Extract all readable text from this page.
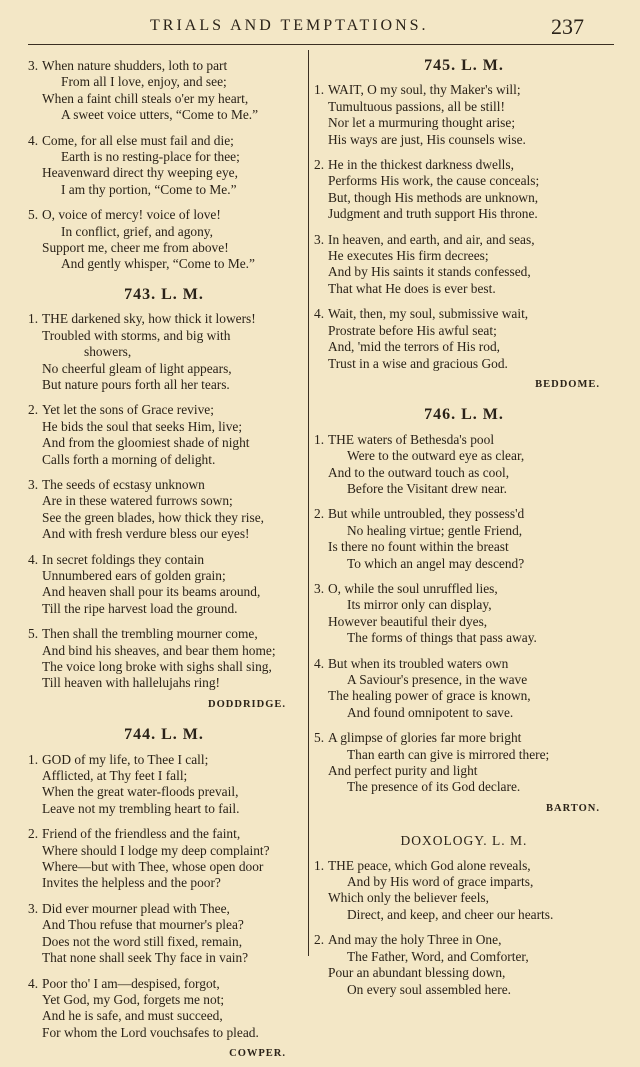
TRIALS AND TEMPTATIONS.	237
3. When nature shudders, loth to part
From all I love, enjoy, and see;
When a faint chill steals o'er my heart,
A sweet voice utters, “Come to Me.”
4. Come, for all else must fail and die;
Earth is no resting-place for thee;
Heavenward direct thy weeping eye,
I am thy portion, “Come to Me.”
5. O, voice of mercy! voice of love!
In conflict, grief, and agony,
Support me, cheer me from above!
And gently whisper, “Come to Me.”
743. L. M.
1. THE darkened sky, how thick it lowers!
Troubled with storms, and big with
showers,
No cheerful gleam of light appears,
But nature pours forth all her tears.
2. Yet let the sons of Grace revive;
He bids the soul that seeks Him, live;
And from the gloomiest shade of night
Calls forth a morning of delight.
3. The seeds of ecstasy unknown
Are in these watered furrows sown;
See the green blades, how thick they rise,
And with fresh verdure bless our eyes!
4. In secret foldings they contain
Unnumbered ears of golden grain;
And heaven shall pour its beams around,
Till the ripe harvest load the ground.
5. Then shall the trembling mourner come,
And bind his sheaves, and bear them home;
The voice long broke with sighs shall sing,
Till heaven with hallelujahs ring!
DODDRIDGE.
744. L. M.
1. GOD of my life, to Thee I call;
Afflicted, at Thy feet I fall;
When the great water-floods prevail,
Leave not my trembling heart to fail.
2. Friend of the friendless and the faint,
Where should I lodge my deep complaint?
Where—but with Thee, whose open door
Invites the helpless and the poor?
3. Did ever mourner plead with Thee,
And Thou refuse that mourner's plea?
Does not the word still fixed, remain,
That none shall seek Thy face in vain?
4. Poor tho' I am—despised, forgot,
Yet God, my God, forgets me not;
And he is safe, and must succeed,
For whom the Lord vouchsafes to plead.
COWPER.
745. L. M.
1. WAIT, O my soul, thy Maker's will;
Tumultuous passions, all be still!
Nor let a murmuring thought arise;
His ways are just, His counsels wise.
2. He in the thickest darkness dwells,
Performs His work, the cause conceals;
But, though His methods are unknown,
Judgment and truth support His throne.
3. In heaven, and earth, and air, and seas,
He executes His firm decrees;
And by His saints it stands confessed,
That what He does is ever best.
4. Wait, then, my soul, submissive wait,
Prostrate before His awful seat;
And, 'mid the terrors of His rod,
Trust in a wise and gracious God.
BEDDOME.
746. L. M.
1. THE waters of Bethesda's pool
Were to the outward eye as clear,
And to the outward touch as cool,
Before the Visitant drew near.
2. But while untroubled, they possess'd
No healing virtue; gentle Friend,
Is there no fount within the breast
To which an angel may descend?
3. O, while the soul unruffled lies,
Its mirror only can display,
However beautiful their dyes,
The forms of things that pass away.
4. But when its troubled waters own
A Saviour's presence, in the wave
The healing power of grace is known,
And found omnipotent to save.
5. A glimpse of glories far more bright
Than earth can give is mirrored there;
And perfect purity and light
The presence of its God declare.
BARTON.
DOXOLOGY. L. M.
1. THE peace, which God alone reveals,
And by His word of grace imparts,
Which only the believer feels,
Direct, and keep, and cheer our hearts.
2. And may the holy Three in One,
The Father, Word, and Comforter,
Pour an abundant blessing down,
On every soul assembled here.
